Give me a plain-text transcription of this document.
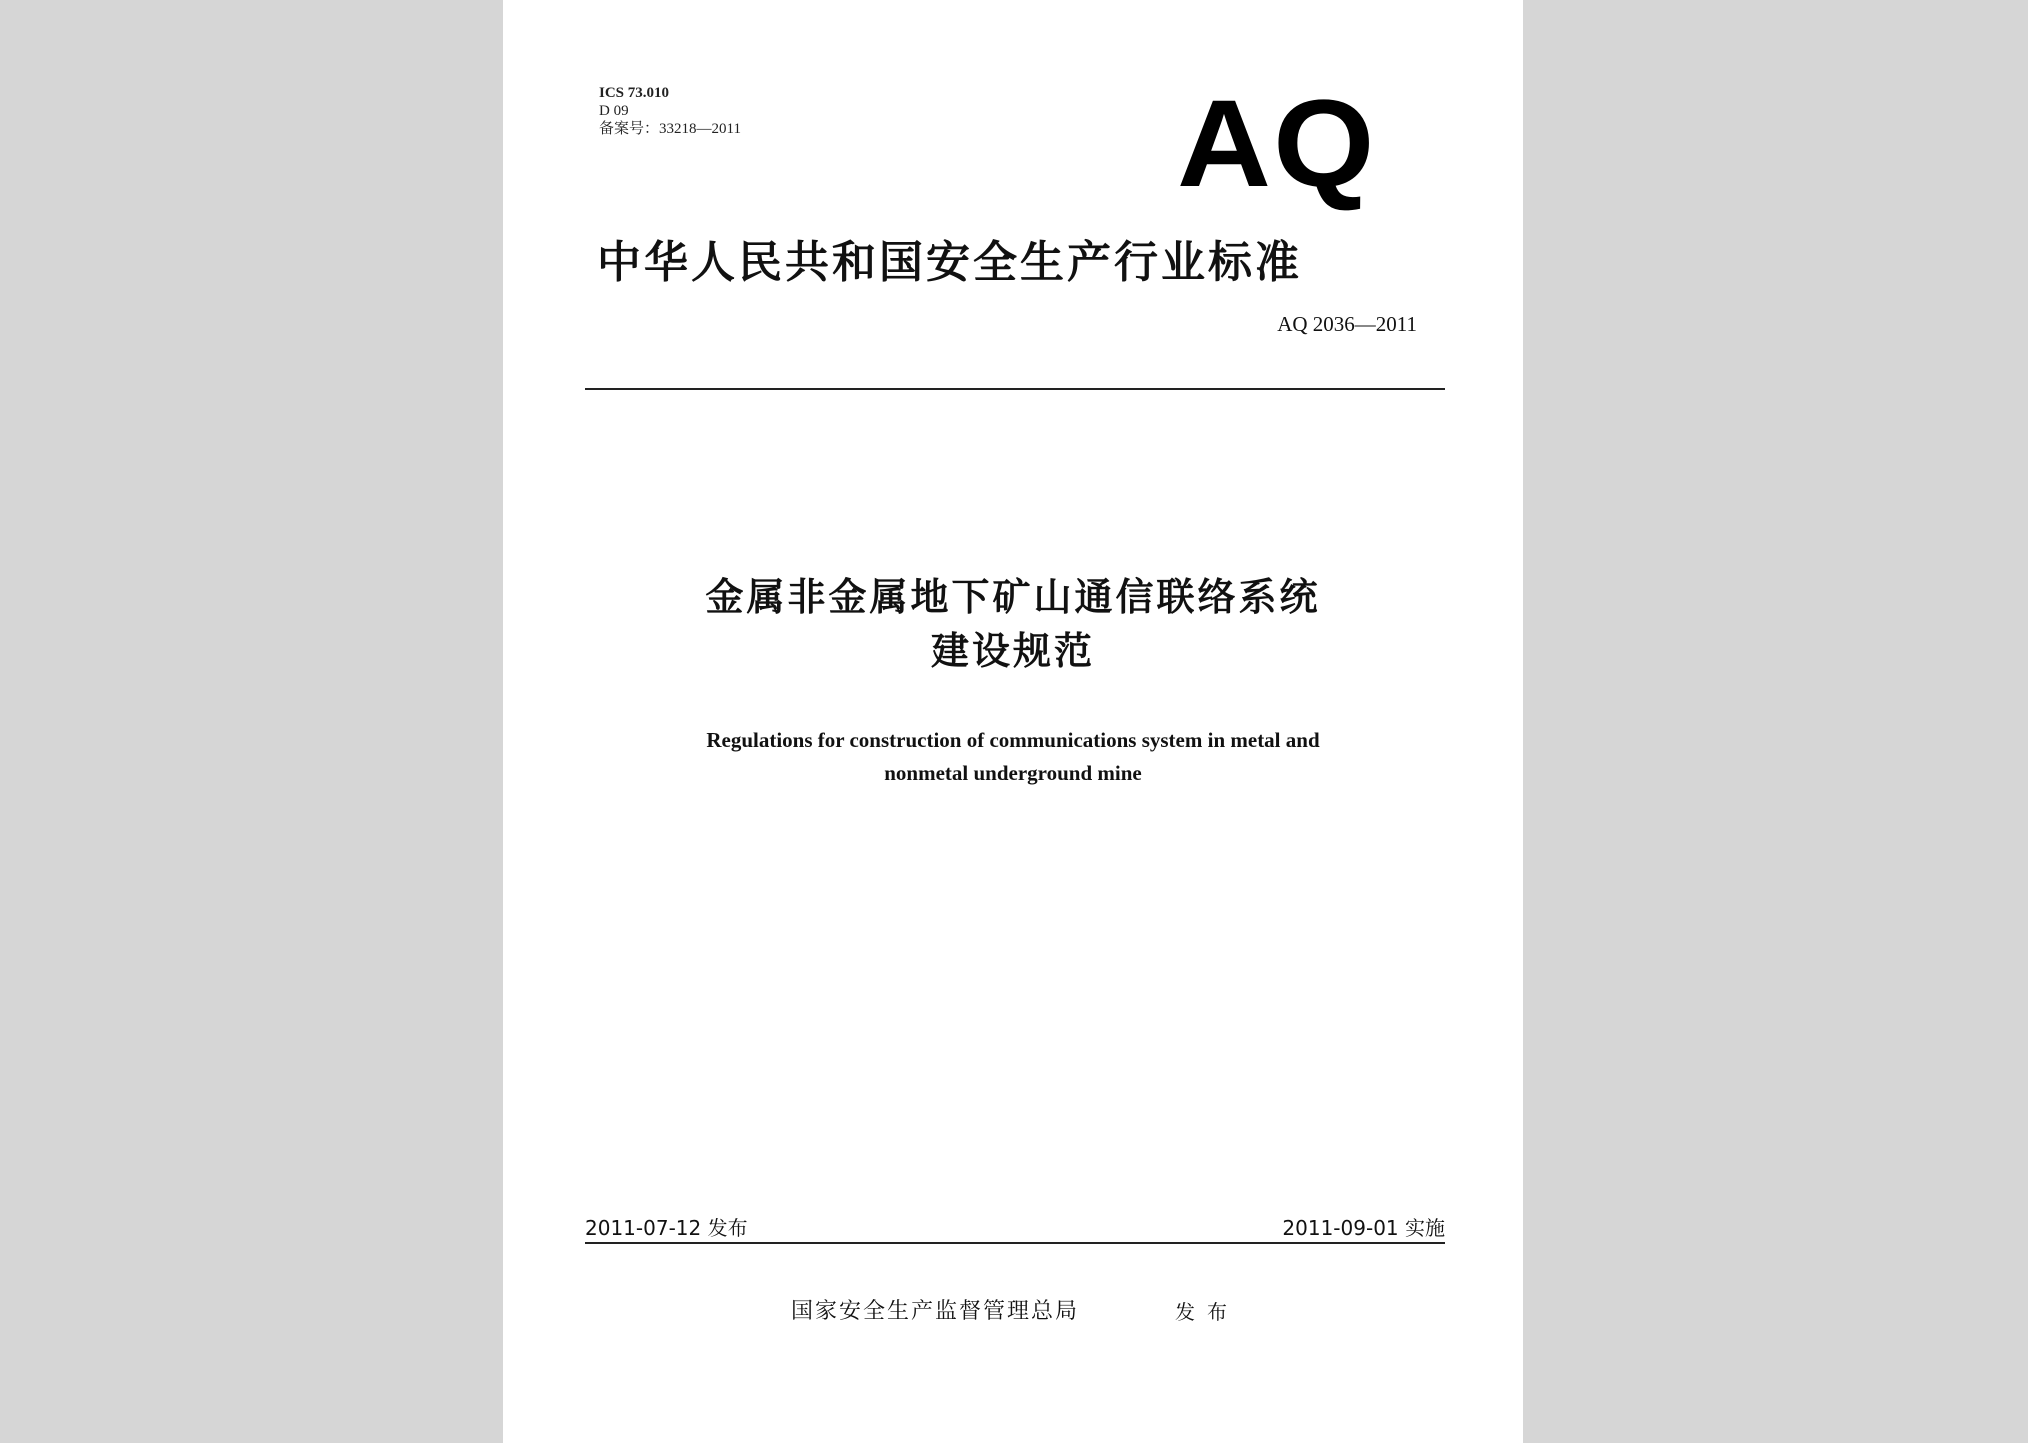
ICS 73.010
D 09
备案号：33218—2011	AQ
中华人民共和国安全生产行业标准
AQ 2036—2011
金属非金属地下矿山通信联络系统
建设规范
Regulations for construction of communications system in metal and
nonmetal underground mine
2011-07-12 发布	2011-09-01 实施
国家安全生产监督管理总局	发布
